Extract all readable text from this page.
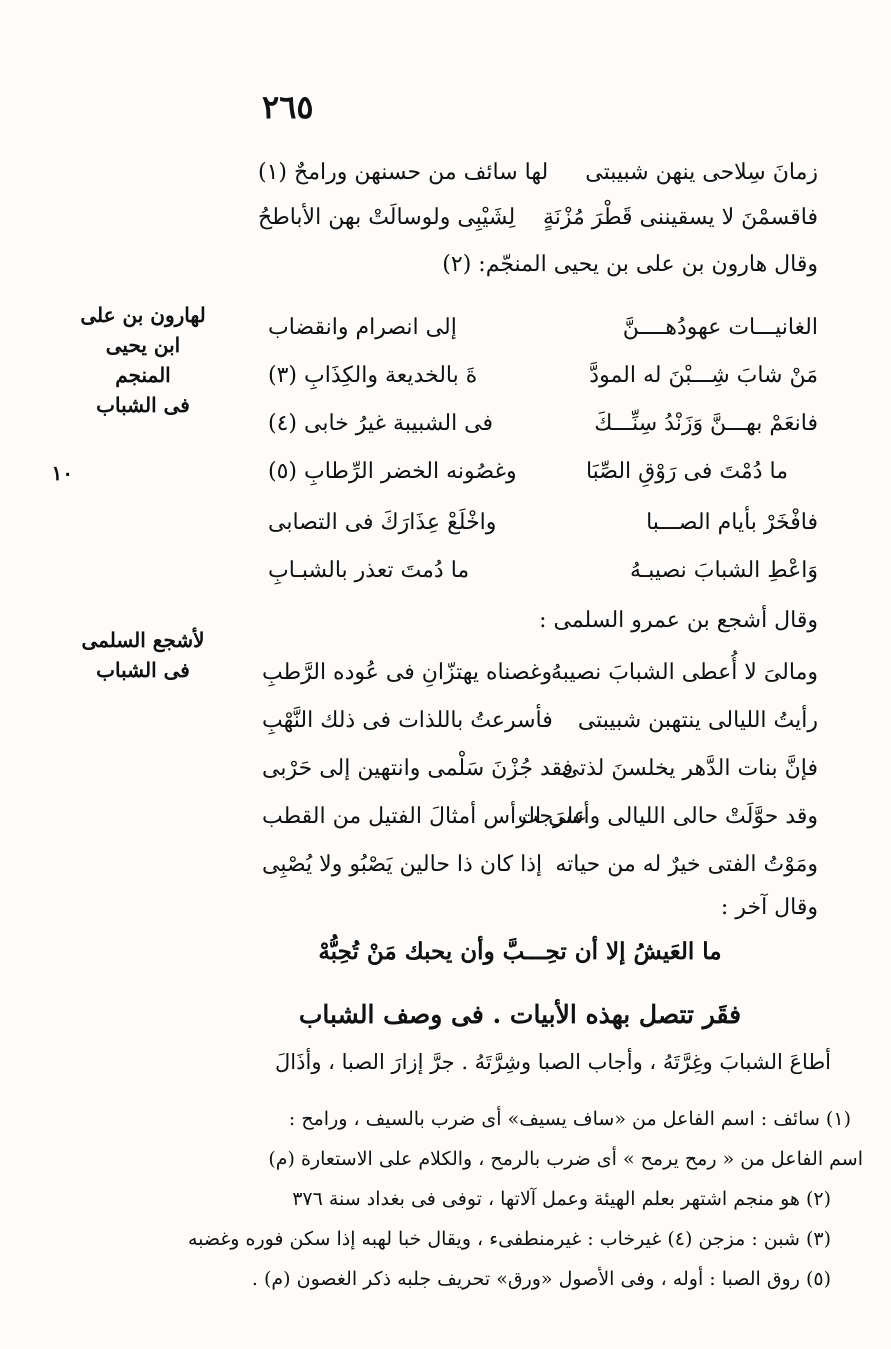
٢٦٥
زمانَ سِلاحى ينهن شبيبتى
لها سائف من حسنهن ورامحٌ (١)
فاقسمْنَ لا يسقيننى قَطْرَ مُزْنَةٍ
لِشَيْبِى ولوسالَتْ بهن الأباطحُ
وقال هارون بن على بن يحيى المنجّم: (٢)
لهارون بن على
ابن يحيى المنجم
فى الشباب
الغانيـــات عهودُهــــنَّ
إلى انصرام وانقضاب
مَنْ شابَ شِـــبْنَ له المودَّ
ةَ بالخديعة والكِذَابِ (٣)
فانعَمْ بهـــنَّ وَزَنْدُ سِنِّـــكَ
فى الشبيبة غيرُ خابى (٤)
١٠	ما دُمْتَ فى رَوْقِ الصِّبَا
وغصُونه الخضر الرِّطابِ (٥)
فافْخَرْ بأيام الصـــبا
واخْلَعْ عِذَارَكَ فى التصابى
وَاعْطِ الشبابَ نصيبـهُ
ما دُمتَ تعذر بالشبـابِ
وقال أشجع بن عمرو السلمى :
لأشجع السلمى
فى الشباب	ومالىَ لا أُعطى الشبابَ نصيبهُ
وغصناه يهتزّانِ فى عُوده الرَّطبِ
رأيتُ الليالى ينتهبن شبيبتى
فأسرعتُ باللذات فى ذلك النَّهْبِ
فإنَّ بنات الدَّهر يخلسنَ لذتى
فقد جُزْنَ سَلْمى وانتهين إلى حَرْبى
وقد حوَّلَتْ حالى الليالى وأسرَجت
على الرأس أمثالَ الفتيل من القطب
ومَوْتُ الفتى خيرٌ له من حياته
إذا كان ذا حالين يَصْبُو ولا يُصْبِى
وقال آخر :
ما العَيشُ إلا أن تحِـــبَّ وأن يحبك مَنْ تُحِبُّهْ
فقَر تتصل بهذه الأبيات . فى وصف الشباب
أطاعَ الشبابَ وغِرَّتَهُ ، وأجاب الصبا وشِرَّتَهُ . جرَّ إزارَ الصبا ، وأذَالَ
(١) سائف : اسم الفاعل من «ساف يسيف» أى ضرب بالسيف ، ورامح :
اسم الفاعل من « رمح يرمح » أى ضرب بالرمح ، والكلام على الاستعارة (م)
(٢) هو منجم اشتهر بعلم الهيئة وعمل آلاتها ، توفى فى بغداد سنة ٣٧٦
(٣) شبن : مزجن (٤) غيرخاب : غيرمنطفىء ، ويقال خبا لهبه إذا سكن فوره وغضبه
(٥) روق الصبا : أوله ، وفى الأصول «ورق» تحريف جلبه ذكر الغصون (م) .
